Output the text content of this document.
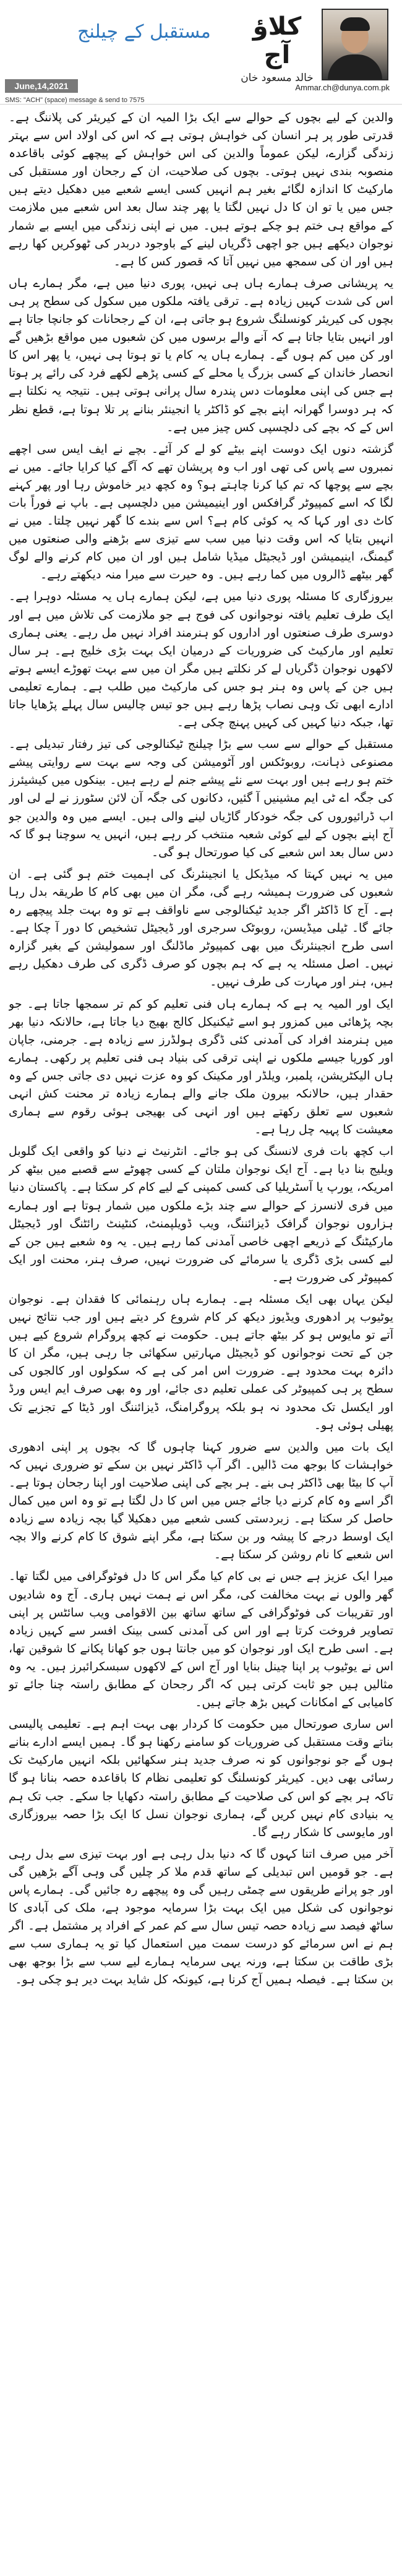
مستقبل کے چیلنج	کلاؤ آج
خالد مسعود خان
Ammar.ch@dunya.com.pk
June,14,2021
SMS: "ACH" (space) message & send to 7575

والدین کے لیے بچوں کے حوالے سے ایک بڑا المیہ ان کے کیریئر کی پلاننگ ہے۔ قدرتی طور پر ہر انسان کی خواہش ہوتی ہے کہ اس کی اولاد اس سے بہتر زندگی گزارے، لیکن عموماً والدین کی اس خواہش کے پیچھے کوئی باقاعدہ منصوبہ بندی نہیں ہوتی۔ بچوں کی صلاحیت، ان کے رجحان اور مستقبل کی مارکیٹ کا اندازہ لگائے بغیر ہم انہیں کسی ایسے شعبے میں دھکیل دیتے ہیں جس میں یا تو ان کا دل نہیں لگتا یا پھر چند سال بعد اس شعبے میں ملازمت کے مواقع ہی ختم ہو چکے ہوتے ہیں۔ میں نے اپنی زندگی میں ایسے بے شمار نوجوان دیکھے ہیں جو اچھی ڈگریاں لینے کے باوجود دربدر کی ٹھوکریں کھا رہے ہیں اور ان کی سمجھ میں نہیں آتا کہ قصور کس کا ہے۔

یہ پریشانی صرف ہمارے ہاں ہی نہیں، پوری دنیا میں ہے، مگر ہمارے ہاں اس کی شدت کہیں زیادہ ہے۔ ترقی یافتہ ملکوں میں سکول کی سطح پر ہی بچوں کی کیریئر کونسلنگ شروع ہو جاتی ہے، ان کے رجحانات کو جانچا جاتا ہے اور انہیں بتایا جاتا ہے کہ آنے والے برسوں میں کن شعبوں میں مواقع بڑھیں گے اور کن میں کم ہوں گے۔ ہمارے ہاں یہ کام یا تو ہوتا ہی نہیں، یا پھر اس کا انحصار خاندان کے کسی بزرگ یا محلے کے کسی پڑھے لکھے فرد کی رائے پر ہوتا ہے جس کی اپنی معلومات دس پندرہ سال پرانی ہوتی ہیں۔ نتیجہ یہ نکلتا ہے کہ ہر دوسرا گھرانہ اپنے بچے کو ڈاکٹر یا انجینئر بنانے پر تلا ہوتا ہے، قطع نظر اس کے کہ بچے کی دلچسپی کس چیز میں ہے۔

گزشتہ دنوں ایک دوست اپنے بیٹے کو لے کر آئے۔ بچے نے ایف ایس سی اچھے نمبروں سے پاس کی تھی اور اب وہ پریشان تھے کہ آگے کیا کرایا جائے۔ میں نے بچے سے پوچھا کہ تم کیا کرنا چاہتے ہو؟ وہ کچھ دیر خاموش رہا اور پھر کہنے لگا کہ اسے کمپیوٹر گرافکس اور اینیمیشن میں دلچسپی ہے۔ باپ نے فوراً بات کاٹ دی اور کہا کہ یہ کوئی کام ہے؟ اس سے بندے کا گھر نہیں چلتا۔ میں نے انہیں بتایا کہ اس وقت دنیا میں سب سے تیزی سے بڑھنے والی صنعتوں میں گیمنگ، اینیمیشن اور ڈیجیٹل میڈیا شامل ہیں اور ان میں کام کرنے والے لوگ گھر بیٹھے ڈالروں میں کما رہے ہیں۔ وہ حیرت سے میرا منہ دیکھتے رہے۔

بیروزگاری کا مسئلہ پوری دنیا میں ہے، لیکن ہمارے ہاں یہ مسئلہ دوہرا ہے۔ ایک طرف تعلیم یافتہ نوجوانوں کی فوج ہے جو ملازمت کی تلاش میں ہے اور دوسری طرف صنعتوں اور اداروں کو ہنرمند افراد نہیں مل رہے۔ یعنی ہماری تعلیم اور مارکیٹ کی ضروریات کے درمیان ایک بہت بڑی خلیج ہے۔ ہر سال لاکھوں نوجوان ڈگریاں لے کر نکلتے ہیں مگر ان میں سے بہت تھوڑے ایسے ہوتے ہیں جن کے پاس وہ ہنر ہو جس کی مارکیٹ میں طلب ہے۔ ہمارے تعلیمی ادارے ابھی تک وہی نصاب پڑھا رہے ہیں جو تیس چالیس سال پہلے پڑھایا جاتا تھا، جبکہ دنیا کہیں کی کہیں پہنچ چکی ہے۔

مستقبل کے حوالے سے سب سے بڑا چیلنج ٹیکنالوجی کی تیز رفتار تبدیلی ہے۔ مصنوعی ذہانت، روبوٹکس اور آٹومیشن کی وجہ سے بہت سے روایتی پیشے ختم ہو رہے ہیں اور بہت سے نئے پیشے جنم لے رہے ہیں۔ بینکوں میں کیشیئرز کی جگہ اے ٹی ایم مشینیں آ گئیں، دکانوں کی جگہ آن لائن سٹورز نے لے لی اور اب ڈرائیوروں کی جگہ خودکار گاڑیاں لینے والی ہیں۔ ایسے میں وہ والدین جو آج اپنے بچوں کے لیے کوئی شعبہ منتخب کر رہے ہیں، انہیں یہ سوچنا ہو گا کہ دس سال بعد اس شعبے کی کیا صورتحال ہو گی۔

میں یہ نہیں کہتا کہ میڈیکل یا انجینئرنگ کی اہمیت ختم ہو گئی ہے۔ ان شعبوں کی ضرورت ہمیشہ رہے گی، مگر ان میں بھی کام کا طریقہ بدل رہا ہے۔ آج کا ڈاکٹر اگر جدید ٹیکنالوجی سے ناواقف ہے تو وہ بہت جلد پیچھے رہ جائے گا۔ ٹیلی میڈیسن، روبوٹک سرجری اور ڈیجیٹل تشخیص کا دور آ چکا ہے۔ اسی طرح انجینئرنگ میں بھی کمپیوٹر ماڈلنگ اور سمولیشن کے بغیر گزارہ نہیں۔ اصل مسئلہ یہ ہے کہ ہم بچوں کو صرف ڈگری کی طرف دھکیل رہے ہیں، ہنر اور مہارت کی طرف نہیں۔

ایک اور المیہ یہ ہے کہ ہمارے ہاں فنی تعلیم کو کم تر سمجھا جاتا ہے۔ جو بچہ پڑھائی میں کمزور ہو اسے ٹیکنیکل کالج بھیج دیا جاتا ہے، حالانکہ دنیا بھر میں ہنرمند افراد کی آمدنی کئی ڈگری ہولڈرز سے زیادہ ہے۔ جرمنی، جاپان اور کوریا جیسے ملکوں نے اپنی ترقی کی بنیاد ہی فنی تعلیم پر رکھی۔ ہمارے ہاں الیکٹریشن، پلمبر، ویلڈر اور مکینک کو وہ عزت نہیں دی جاتی جس کے وہ حقدار ہیں، حالانکہ بیرون ملک جانے والے ہمارے زیادہ تر محنت کش انہی شعبوں سے تعلق رکھتے ہیں اور انہی کی بھیجی ہوئی رقوم سے ہماری معیشت کا پہیہ چل رہا ہے۔

اب کچھ بات فری لانسنگ کی ہو جائے۔ انٹرنیٹ نے دنیا کو واقعی ایک گلوبل ویلیج بنا دیا ہے۔ آج ایک نوجوان ملتان کے کسی چھوٹے سے قصبے میں بیٹھ کر امریکہ، یورپ یا آسٹریلیا کی کسی کمپنی کے لیے کام کر سکتا ہے۔ پاکستان دنیا میں فری لانسرز کے حوالے سے چند بڑے ملکوں میں شمار ہوتا ہے اور ہمارے ہزاروں نوجوان گرافک ڈیزائننگ، ویب ڈویلپمنٹ، کنٹینٹ رائٹنگ اور ڈیجیٹل مارکیٹنگ کے ذریعے اچھی خاصی آمدنی کما رہے ہیں۔ یہ وہ شعبے ہیں جن کے لیے کسی بڑی ڈگری یا سرمائے کی ضرورت نہیں، صرف ہنر، محنت اور ایک کمپیوٹر کی ضرورت ہے۔

لیکن یہاں بھی ایک مسئلہ ہے۔ ہمارے ہاں رہنمائی کا فقدان ہے۔ نوجوان یوٹیوب پر ادھوری ویڈیوز دیکھ کر کام شروع کر دیتے ہیں اور جب نتائج نہیں آتے تو مایوس ہو کر بیٹھ جاتے ہیں۔ حکومت نے کچھ پروگرام شروع کیے ہیں جن کے تحت نوجوانوں کو ڈیجیٹل مہارتیں سکھائی جا رہی ہیں، مگر ان کا دائرہ بہت محدود ہے۔ ضرورت اس امر کی ہے کہ سکولوں اور کالجوں کی سطح پر ہی کمپیوٹر کی عملی تعلیم دی جائے، اور وہ بھی صرف ایم ایس ورڈ اور ایکسل تک محدود نہ ہو بلکہ پروگرامنگ، ڈیزائننگ اور ڈیٹا کے تجزیے تک پھیلی ہوئی ہو۔

ایک بات میں والدین سے ضرور کہنا چاہوں گا کہ بچوں پر اپنی ادھوری خواہشات کا بوجھ مت ڈالیں۔ اگر آپ ڈاکٹر نہیں بن سکے تو ضروری نہیں کہ آپ کا بیٹا بھی ڈاکٹر ہی بنے۔ ہر بچے کی اپنی صلاحیت اور اپنا رجحان ہوتا ہے۔ اگر اسے وہ کام کرنے دیا جائے جس میں اس کا دل لگتا ہے تو وہ اس میں کمال حاصل کر سکتا ہے۔ زبردستی کسی شعبے میں دھکیلا گیا بچہ زیادہ سے زیادہ ایک اوسط درجے کا پیشہ ور بن سکتا ہے، مگر اپنے شوق کا کام کرنے والا بچہ اس شعبے کا نام روشن کر سکتا ہے۔

میرا ایک عزیز ہے جس نے بی کام کیا مگر اس کا دل فوٹوگرافی میں لگتا تھا۔ گھر والوں نے بہت مخالفت کی، مگر اس نے ہمت نہیں ہاری۔ آج وہ شادیوں اور تقریبات کی فوٹوگرافی کے ساتھ ساتھ بین الاقوامی ویب سائٹس پر اپنی تصاویر فروخت کرتا ہے اور اس کی آمدنی کسی بینک افسر سے کہیں زیادہ ہے۔ اسی طرح ایک اور نوجوان کو میں جانتا ہوں جو کھانا پکانے کا شوقین تھا، اس نے یوٹیوب پر اپنا چینل بنایا اور آج اس کے لاکھوں سبسکرائبرز ہیں۔ یہ وہ مثالیں ہیں جو ثابت کرتی ہیں کہ اگر رجحان کے مطابق راستہ چنا جائے تو کامیابی کے امکانات کہیں بڑھ جاتے ہیں۔

اس ساری صورتحال میں حکومت کا کردار بھی بہت اہم ہے۔ تعلیمی پالیسی بناتے وقت مستقبل کی ضروریات کو سامنے رکھنا ہو گا۔ ہمیں ایسے ادارے بنانے ہوں گے جو نوجوانوں کو نہ صرف جدید ہنر سکھائیں بلکہ انہیں مارکیٹ تک رسائی بھی دیں۔ کیریئر کونسلنگ کو تعلیمی نظام کا باقاعدہ حصہ بنانا ہو گا تاکہ ہر بچے کو اس کی صلاحیت کے مطابق راستہ دکھایا جا سکے۔ جب تک ہم یہ بنیادی کام نہیں کریں گے، ہماری نوجوان نسل کا ایک بڑا حصہ بیروزگاری اور مایوسی کا شکار رہے گا۔

آخر میں صرف اتنا کہوں گا کہ دنیا بدل رہی ہے اور بہت تیزی سے بدل رہی ہے۔ جو قومیں اس تبدیلی کے ساتھ قدم ملا کر چلیں گی وہی آگے بڑھیں گی اور جو پرانے طریقوں سے چمٹی رہیں گی وہ پیچھے رہ جائیں گی۔ ہمارے پاس نوجوانوں کی شکل میں ایک بہت بڑا سرمایہ موجود ہے، ملک کی آبادی کا ساٹھ فیصد سے زیادہ حصہ تیس سال سے کم عمر کے افراد پر مشتمل ہے۔ اگر ہم نے اس سرمائے کو درست سمت میں استعمال کیا تو یہ ہماری سب سے بڑی طاقت بن سکتا ہے، ورنہ یہی سرمایہ ہمارے لیے سب سے بڑا بوجھ بھی بن سکتا ہے۔ فیصلہ ہمیں آج کرنا ہے، کیونکہ کل شاید بہت دیر ہو چکی ہو۔
